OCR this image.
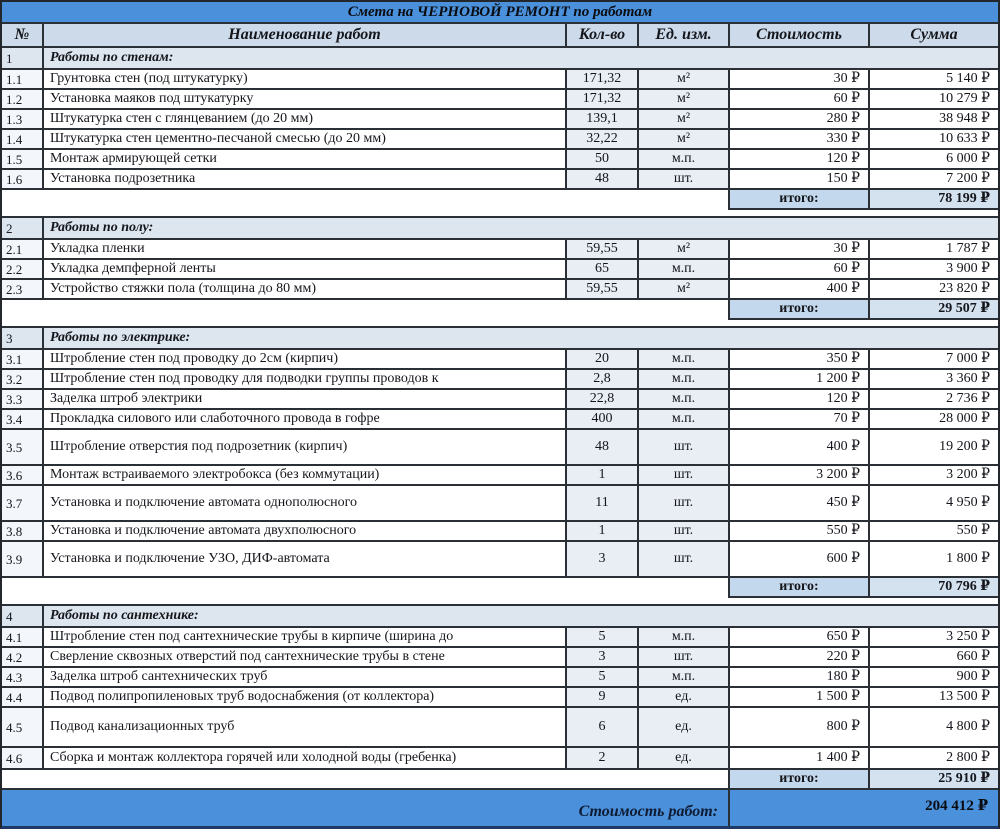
Смета на ЧЕРНОВОЙ РЕМОНТ по работам
№	Наименование работ	Кол-во	Ед. изм.	Стоимость	Сумма
1	Работы по стенам:
1.1	Грунтовка стен (под штукатурку)	171,32	м²	30 ₽	5 140 ₽
1.2	Установка маяков под штукатурку	171,32	м²	60 ₽	10 279 ₽
1.3	Штукатурка стен с глянцеванием (до 20 мм)	139,1	м²	280 ₽	38 948 ₽
1.4	Штукатурка стен цементно-песчаной смесью (до 20 мм)	32,22	м²	330 ₽	10 633 ₽
1.5	Монтаж армирующей сетки	50	м.п.	120 ₽	6 000 ₽
1.6	Установка подрозетника	48	шт.	150 ₽	7 200 ₽
итого:	78 199 ₽
2	Работы по полу:
2.1	Укладка пленки	59,55	м²	30 ₽	1 787 ₽
2.2	Укладка демпферной ленты	65	м.п.	60 ₽	3 900 ₽
2.3	Устройство стяжки пола (толщина до 80 мм)	59,55	м²	400 ₽	23 820 ₽
итого:	29 507 ₽
3	Работы по электрике:
3.1	Штробление стен под проводку до 2см (кирпич)	20	м.п.	350 ₽	7 000 ₽
3.2	Штробление стен под проводку для подводки группы проводов к	2,8	м.п.	1 200 ₽	3 360 ₽
3.3	Заделка штроб электрики	22,8	м.п.	120 ₽	2 736 ₽
3.4	Прокладка силового или слаботочного провода в гофре	400	м.п.	70 ₽	28 000 ₽
3.5	Штробление отверстия под подрозетник (кирпич)	48	шт.	400 ₽	19 200 ₽
3.6	Монтаж встраиваемого электробокса (без коммутации)	1	шт.	3 200 ₽	3 200 ₽
3.7	Установка и подключение автомата однополюсного	11	шт.	450 ₽	4 950 ₽
3.8	Установка и подключение автомата двухполюсного	1	шт.	550 ₽	550 ₽
3.9	Установка и подключение УЗО, ДИФ-автомата	3	шт.	600 ₽	1 800 ₽
итого:	70 796 ₽
4	Работы по сантехнике:
4.1	Штробление стен под сантехнические трубы в кирпиче (ширина до	5	м.п.	650 ₽	3 250 ₽
4.2	Сверление сквозных отверстий под сантехнические трубы в стене	3	шт.	220 ₽	660 ₽
4.3	Заделка штроб сантехнических труб	5	м.п.	180 ₽	900 ₽
4.4	Подвод полипропиленовых труб водоснабжения (от коллектора)	9	ед.	1 500 ₽	13 500 ₽
4.5	Подвод канализационных труб	6	ед.	800 ₽	4 800 ₽
4.6	Сборка и монтаж коллектора горячей или холодной воды (гребенка)	2	ед.	1 400 ₽	2 800 ₽
итого:	25 910 ₽
Стоимость работ:	204 412 ₽
